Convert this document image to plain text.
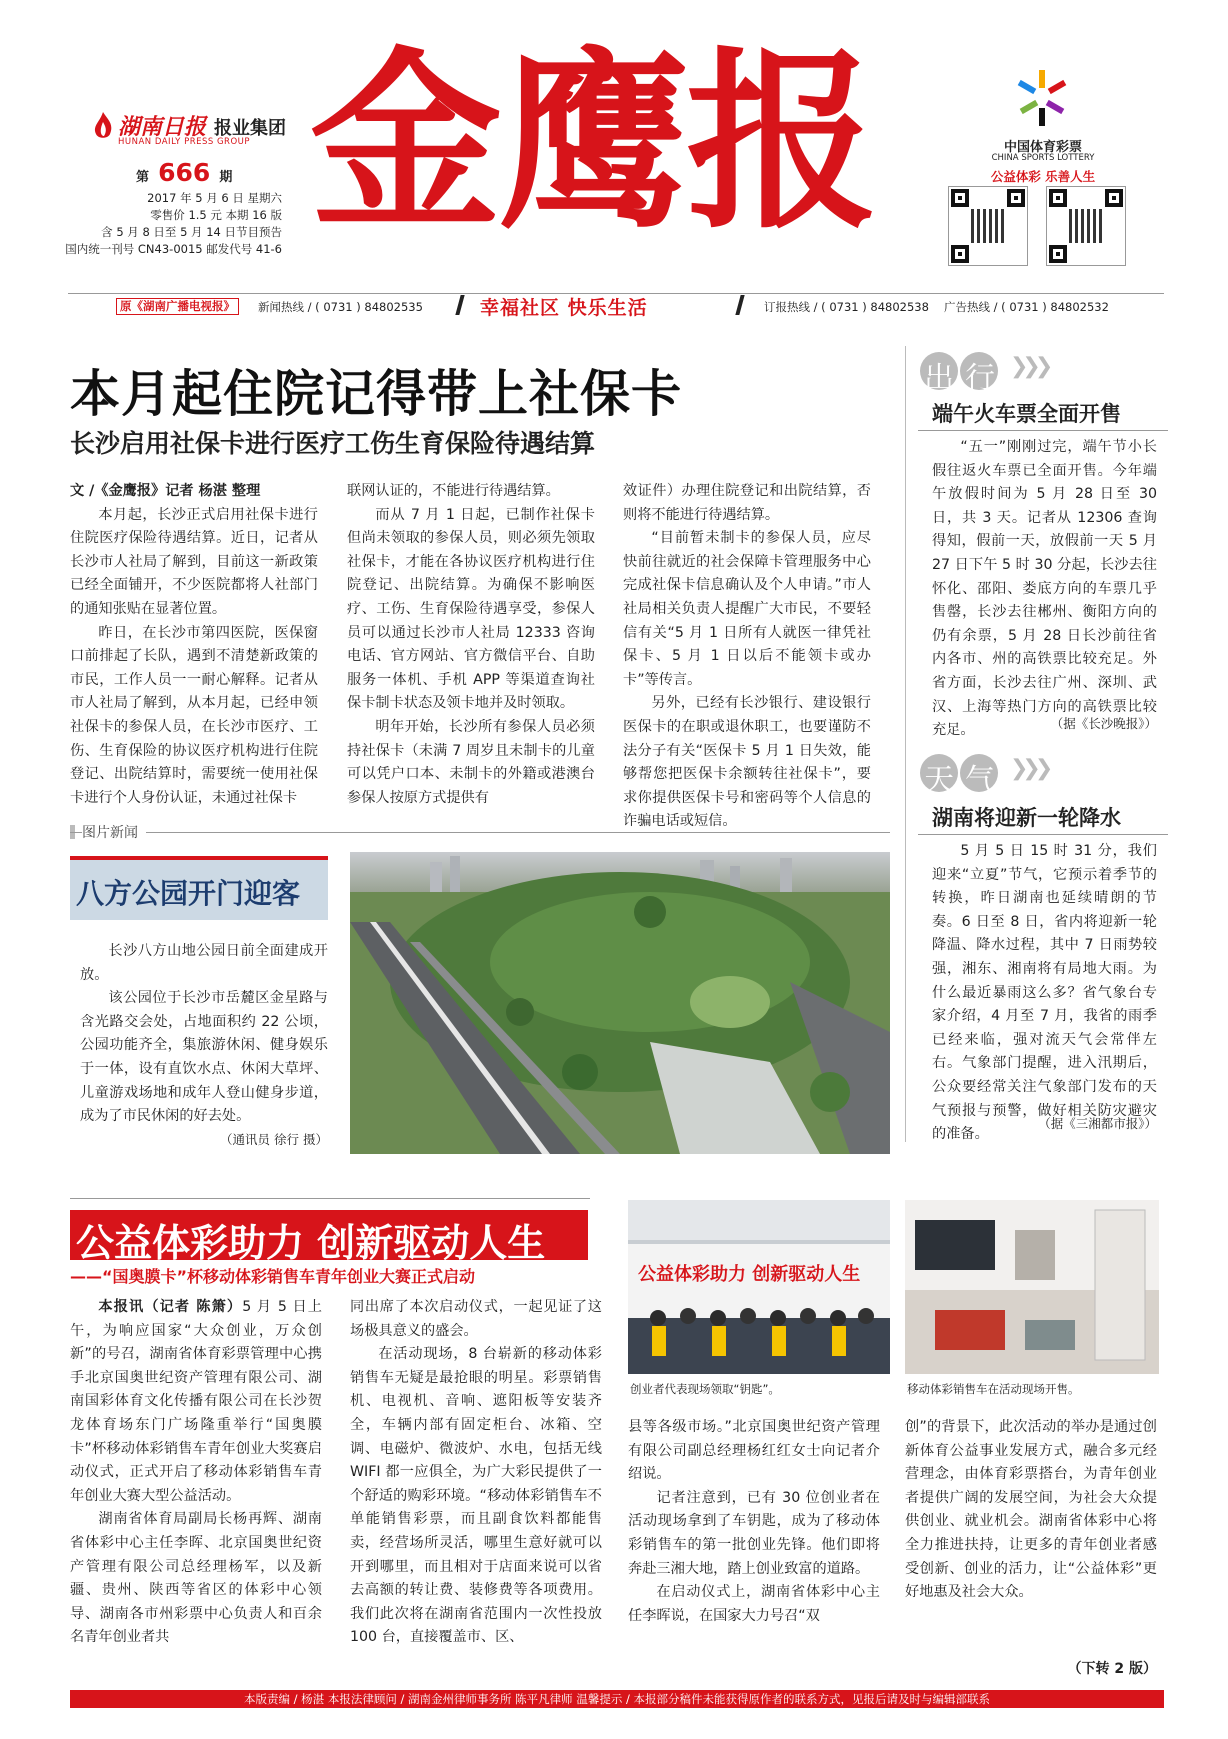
湖南日报 报业集团
HUNAN DAILY PRESS GROUP
第 666 期
2017 年 5 月 6 日 星期六
零售价 1.5 元 本期 16 版
含 5 月 8 日至 5 月 14 日节目预告
国内统一刊号 CN43-0015 邮发代号 41-6 金鹰报	中国体育彩票
CHINA SPORTS LOTTERY
公益体彩 乐善人生
原《湖南广播电视报》	新闻热线 / ( 0731 ) 84802535	幸福社区 快乐生活	订报热线 / ( 0731 ) 84802538 广告热线 / ( 0731 ) 84802532
本月起住院记得带上社保卡
长沙启用社保卡进行医疗工伤生育保险待遇结算

文 /《金鹰报》记者 杨湛 整理

本月起，长沙正式启用社保卡进行住院医疗保险待遇结算。近日，记者从长沙市人社局了解到，目前这一新政策已经全面铺开，不少医院都将人社部门的通知张贴在显著位置。

昨日，在长沙市第四医院，医保窗口前排起了长队，遇到不清楚新政策的市民，工作人员一一耐心解释。记者从市人社局了解到，从本月起，已经申领社保卡的参保人员，在长沙市医疗、工伤、生育保险的协议医疗机构进行住院登记、出院结算时，需要统一使用社保卡进行个人身份认证，未通过社保卡

联网认证的，不能进行待遇结算。

而从 7 月 1 日起，已制作社保卡但尚未领取的参保人员，则必须先领取社保卡，才能在各协议医疗机构进行住院登记、出院结算。为确保不影响医疗、工伤、生育保险待遇享受，参保人员可以通过长沙市人社局 12333 咨询电话、官方网站、官方微信平台、自助服务一体机、手机 APP 等渠道查询社保卡制卡状态及领卡地并及时领取。

明年开始，长沙所有参保人员必须持社保卡（未满 7 周岁且未制卡的儿童可以凭户口本、未制卡的外籍或港澳台参保人按原方式提供有

效证件）办理住院登记和出院结算，否则将不能进行待遇结算。

“目前暂未制卡的参保人员，应尽快前往就近的社会保障卡管理服务中心完成社保卡信息确认及个人申请。”市人社局相关负责人提醒广大市民，不要轻信有关“5 月 1 日所有人就医一律凭社保卡、5 月 1 日以后不能领卡或办卡”等传言。

另外，已经有长沙银行、建设银行医保卡的在职或退休职工，也要谨防不法分子有关“医保卡 5 月 1 日失效，能够帮您把医保卡余额转往社保卡”，要求你提供医保卡号和密码等个人信息的诈骗电话或短信。

出行 ❯❯❯
端午火车票全面开售

“五一”刚刚过完，端午节小长假往返火车票已全面开售。今年端午放假时间为 5 月 28 日至 30 日，共 3 天。记者从 12306 查询得知，假前一天，放假前一天 5 月 27 日下午 5 时 30 分起，长沙去往怀化、邵阳、娄底方向的车票几乎售罄，长沙去往郴州、衡阳方向的仍有余票，5 月 28 日长沙前往省内各市、州的高铁票比较充足。外省方面，长沙去往广州、深圳、武汉、上海等热门方向的高铁票比较充足。	（据《长沙晚报》）
天气 ❯❯❯
湖南将迎新一轮降水

5 月 5 日 15 时 31 分，我们迎来“立夏”节气，它预示着季节的转换，昨日湖南也延续晴朗的节奏。6 日至 8 日，省内将迎新一轮降温、降水过程，其中 7 日雨势较强，湘东、湘南将有局地大雨。为什么最近暴雨这么多？省气象台专家介绍，4 月至 7 月，我省的雨季已经来临，强对流天气会常伴左右。气象部门提醒，进入汛期后，公众要经常关注气象部门发布的天气预报与预警，做好相关防灾避灾的准备。

（据《三湘都市报》）
图片新闻
八方公园开门迎客

长沙八方山地公园日前全面建成开放。

该公园位于长沙市岳麓区金星路与含光路交会处，占地面积约 22 公顷，公园功能齐全，集旅游休闲、健身娱乐于一体，设有直饮水点、休闲大草坪、儿童游戏场地和成年人登山健身步道，成为了市民休闲的好去处。

（通讯员 徐行 摄）
公益体彩助力 创新驱动人生
——“国奥膜卡”杯移动体彩销售车青年创业大赛正式启动

本报讯（记者 陈箫）5 月 5 日上午，为响应国家“大众创业，万众创新”的号召，湖南省体育彩票管理中心携手北京国奥世纪资产管理有限公司、湖南国彩体育文化传播有限公司在长沙贺龙体育场东门广场隆重举行“国奥膜卡”杯移动体彩销售车青年创业大奖赛启动仪式，正式开启了移动体彩销售车青年创业大赛大型公益活动。

湖南省体育局副局长杨再辉、湖南省体彩中心主任李晖、北京国奥世纪资产管理有限公司总经理杨军，以及新疆、贵州、陕西等省区的体彩中心领导、湖南各市州彩票中心负责人和百余名青年创业者共

同出席了本次启动仪式，一起见证了这场极具意义的盛会。

在活动现场，8 台崭新的移动体彩销售车无疑是最抢眼的明星。彩票销售机、电视机、音响、遮阳板等安装齐全，车辆内部有固定柜台、冰箱、空调、电磁炉、微波炉、水电，包括无线 WIFI 都一应俱全，为广大彩民提供了一个舒适的购彩环境。“移动体彩销售车不单能销售彩票，而且副食饮料都能售卖，经营场所灵活，哪里生意好就可以开到哪里，而且相对于店面来说可以省去高额的转让费、装修费等各项费用。我们此次将在湖南省范围内一次性投放 100 台，直接覆盖市、区、

县等各级市场。”北京国奥世纪资产管理有限公司副总经理杨红红女士向记者介绍说。

记者注意到，已有 30 位创业者在活动现场拿到了车钥匙，成为了移动体彩销售车的第一批创业先锋。他们即将奔赴三湘大地，踏上创业致富的道路。

在启动仪式上，湖南省体彩中心主任李晖说，在国家大力号召“双

创”的背景下，此次活动的举办是通过创新体育公益事业发展方式，融合多元经营理念，由体育彩票搭台，为青年创业者提供广阔的发展空间，为社会大众提供创业、就业机会。湖南省体彩中心将全力推进扶持，让更多的青年创业者感受创新、创业的活力，让“公益体彩”更好地惠及社会大众。

（下转 2 版）
公益体彩助力 创新驱动人生
创业者代表现场领取“钥匙”。	移动体彩销售车在活动现场开售。
本版责编 / 杨湛 本报法律顾问 / 湖南金州律师事务所 陈平凡律师 温馨提示 / 本报部分稿件未能获得原作者的联系方式，见报后请及时与编辑部联系
